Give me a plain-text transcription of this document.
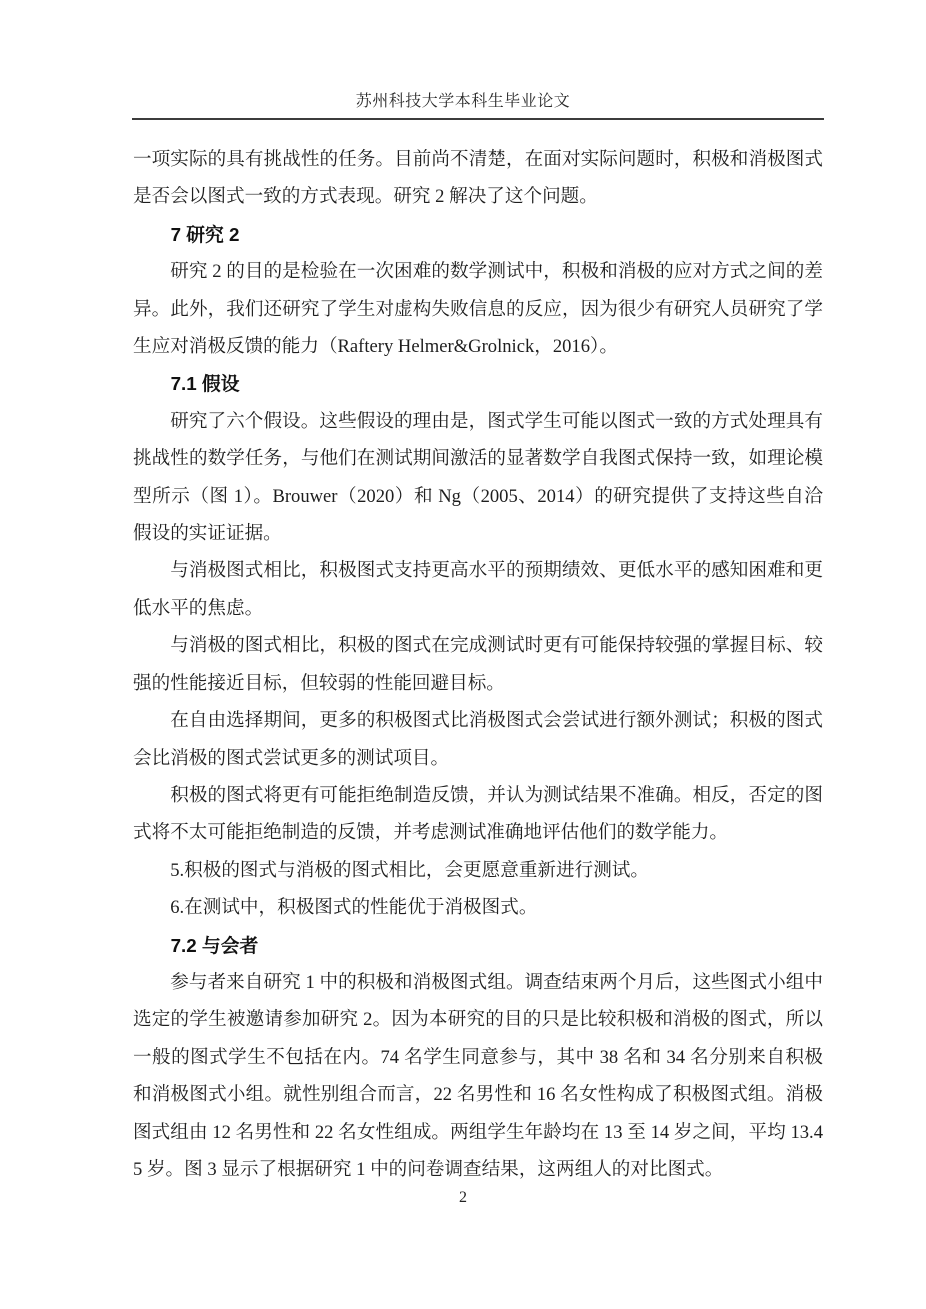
苏州科技大学本科生毕业论文

一项实际的具有挑战性的任务。目前尚不清楚，在面对实际问题时，积极和消极图式是否会以图式一致的方式表现。研究 2 解决了这个问题。

7 研究 2

研究 2 的目的是检验在一次困难的数学测试中，积极和消极的应对方式之间的差异。此外，我们还研究了学生对虚构失败信息的反应，因为很少有研究人员研究了学生应对消极反馈的能力（Raftery Helmer&Grolnick，2016）。

7.1 假设

研究了六个假设。这些假设的理由是，图式学生可能以图式一致的方式处理具有挑战性的数学任务，与他们在测试期间激活的显著数学自我图式保持一致，如理论模型所示（图 1）。Brouwer（2020）和 Ng（2005、2014）的研究提供了支持这些自洽假设的实证证据。

与消极图式相比，积极图式支持更高水平的预期绩效、更低水平的感知困难和更低水平的焦虑。

与消极的图式相比，积极的图式在完成测试时更有可能保持较强的掌握目标、较强的性能接近目标，但较弱的性能回避目标。

在自由选择期间，更多的积极图式比消极图式会尝试进行额外测试；积极的图式会比消极的图式尝试更多的测试项目。

积极的图式将更有可能拒绝制造反馈，并认为测试结果不准确。相反，否定的图式将不太可能拒绝制造的反馈，并考虑测试准确地评估他们的数学能力。

5.积极的图式与消极的图式相比，会更愿意重新进行测试。

6.在测试中，积极图式的性能优于消极图式。

7.2 与会者

参与者来自研究 1 中的积极和消极图式组。调查结束两个月后，这些图式小组中选定的学生被邀请参加研究 2。因为本研究的目的只是比较积极和消极的图式，所以一般的图式学生不包括在内。74 名学生同意参与，其中 38 名和 34 名分别来自积极和消极图式小组。就性别组合而言，22 名男性和 16 名女性构成了积极图式组。消极图式组由 12 名男性和 22 名女性组成。两组学生年龄均在 13 至 14 岁之间，平均 13.45 岁。图 3 显示了根据研究 1 中的问卷调查结果，这两组人的对比图式。

2
